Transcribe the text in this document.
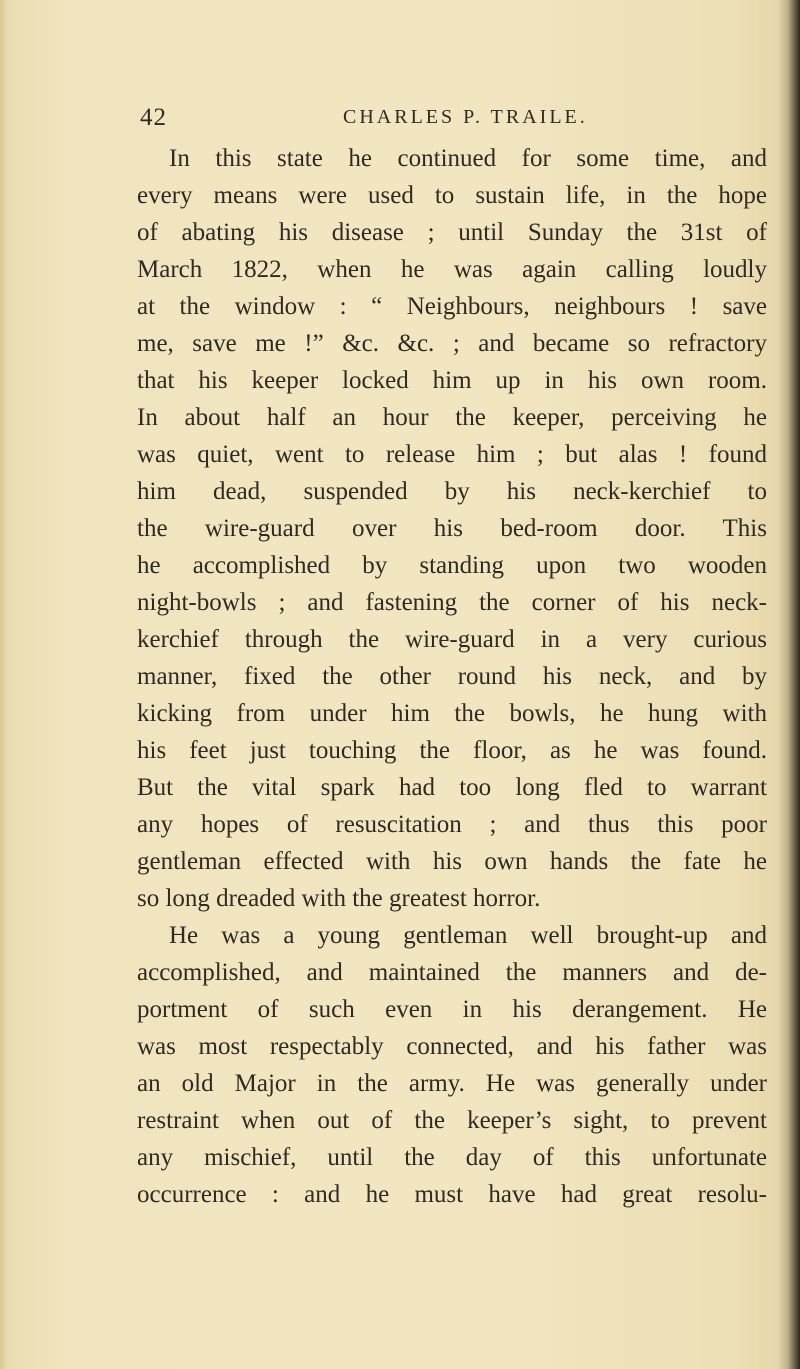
42	CHARLES P. TRAILE.
In this state he continued for some time, and
every means were used to sustain life, in the hope
of abating his disease ; until Sunday the 31st of
March 1822, when he was again calling loudly
at the window : “ Neighbours, neighbours ! save
me, save me !” &c. &c. ; and became so refractory
that his keeper locked him up in his own room.
In about half an hour the keeper, perceiving he
was quiet, went to release him ; but alas ! found
him dead, suspended by his neck-kerchief to
the wire-guard over his bed-room door. This
he accomplished by standing upon two wooden
night-bowls ; and fastening the corner of his neck-
kerchief through the wire-guard in a very curious
manner, fixed the other round his neck, and by
kicking from under him the bowls, he hung with
his feet just touching the floor, as he was found.
But the vital spark had too long fled to warrant
any hopes of resuscitation ; and thus this poor
gentleman effected with his own hands the fate he
so long dreaded with the greatest horror.
He was a young gentleman well brought-up and
accomplished, and maintained the manners and de-
portment of such even in his derangement. He
was most respectably connected, and his father was
an old Major in the army. He was generally under
restraint when out of the keeper’s sight, to prevent
any mischief, until the day of this unfortunate
occurrence : and he must have had great resolu-
